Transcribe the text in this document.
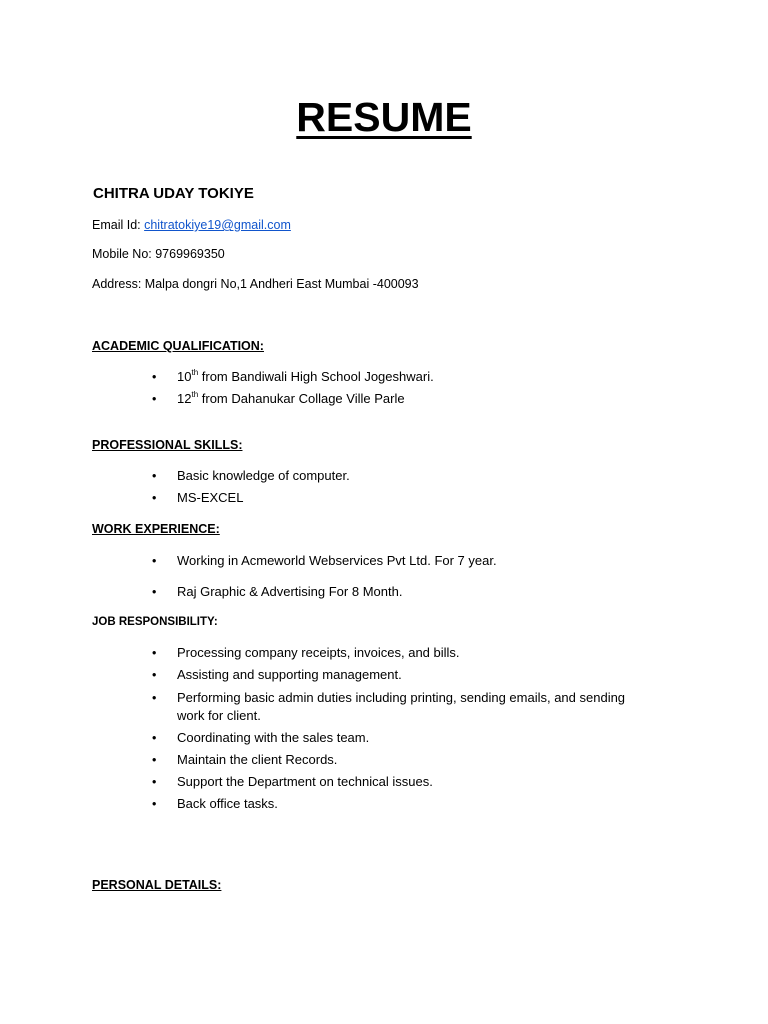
RESUME
CHITRA UDAY TOKIYE
Email Id: chitratokiye19@gmail.com
Mobile No: 9769969350
Address: Malpa dongri No,1 Andheri East Mumbai -400093
ACADEMIC QUALIFICATION:
• 10th from Bandiwali High School Jogeshwari.
• 12th from Dahanukar Collage Ville Parle
PROFESSIONAL SKILLS:
• Basic knowledge of computer.
• MS-EXCEL
WORK EXPERIENCE:
• Working in Acmeworld Webservices Pvt Ltd. For 7 year.
• Raj Graphic & Advertising For 8 Month.
JOB RESPONSIBILITY:
• Processing company receipts, invoices, and bills.
• Assisting and supporting management.
• Performing basic admin duties including printing, sending emails, and sending
work for client.
• Coordinating with the sales team.
• Maintain the client Records.
• Support the Department on technical issues.
• Back office tasks.
PERSONAL DETAILS:
